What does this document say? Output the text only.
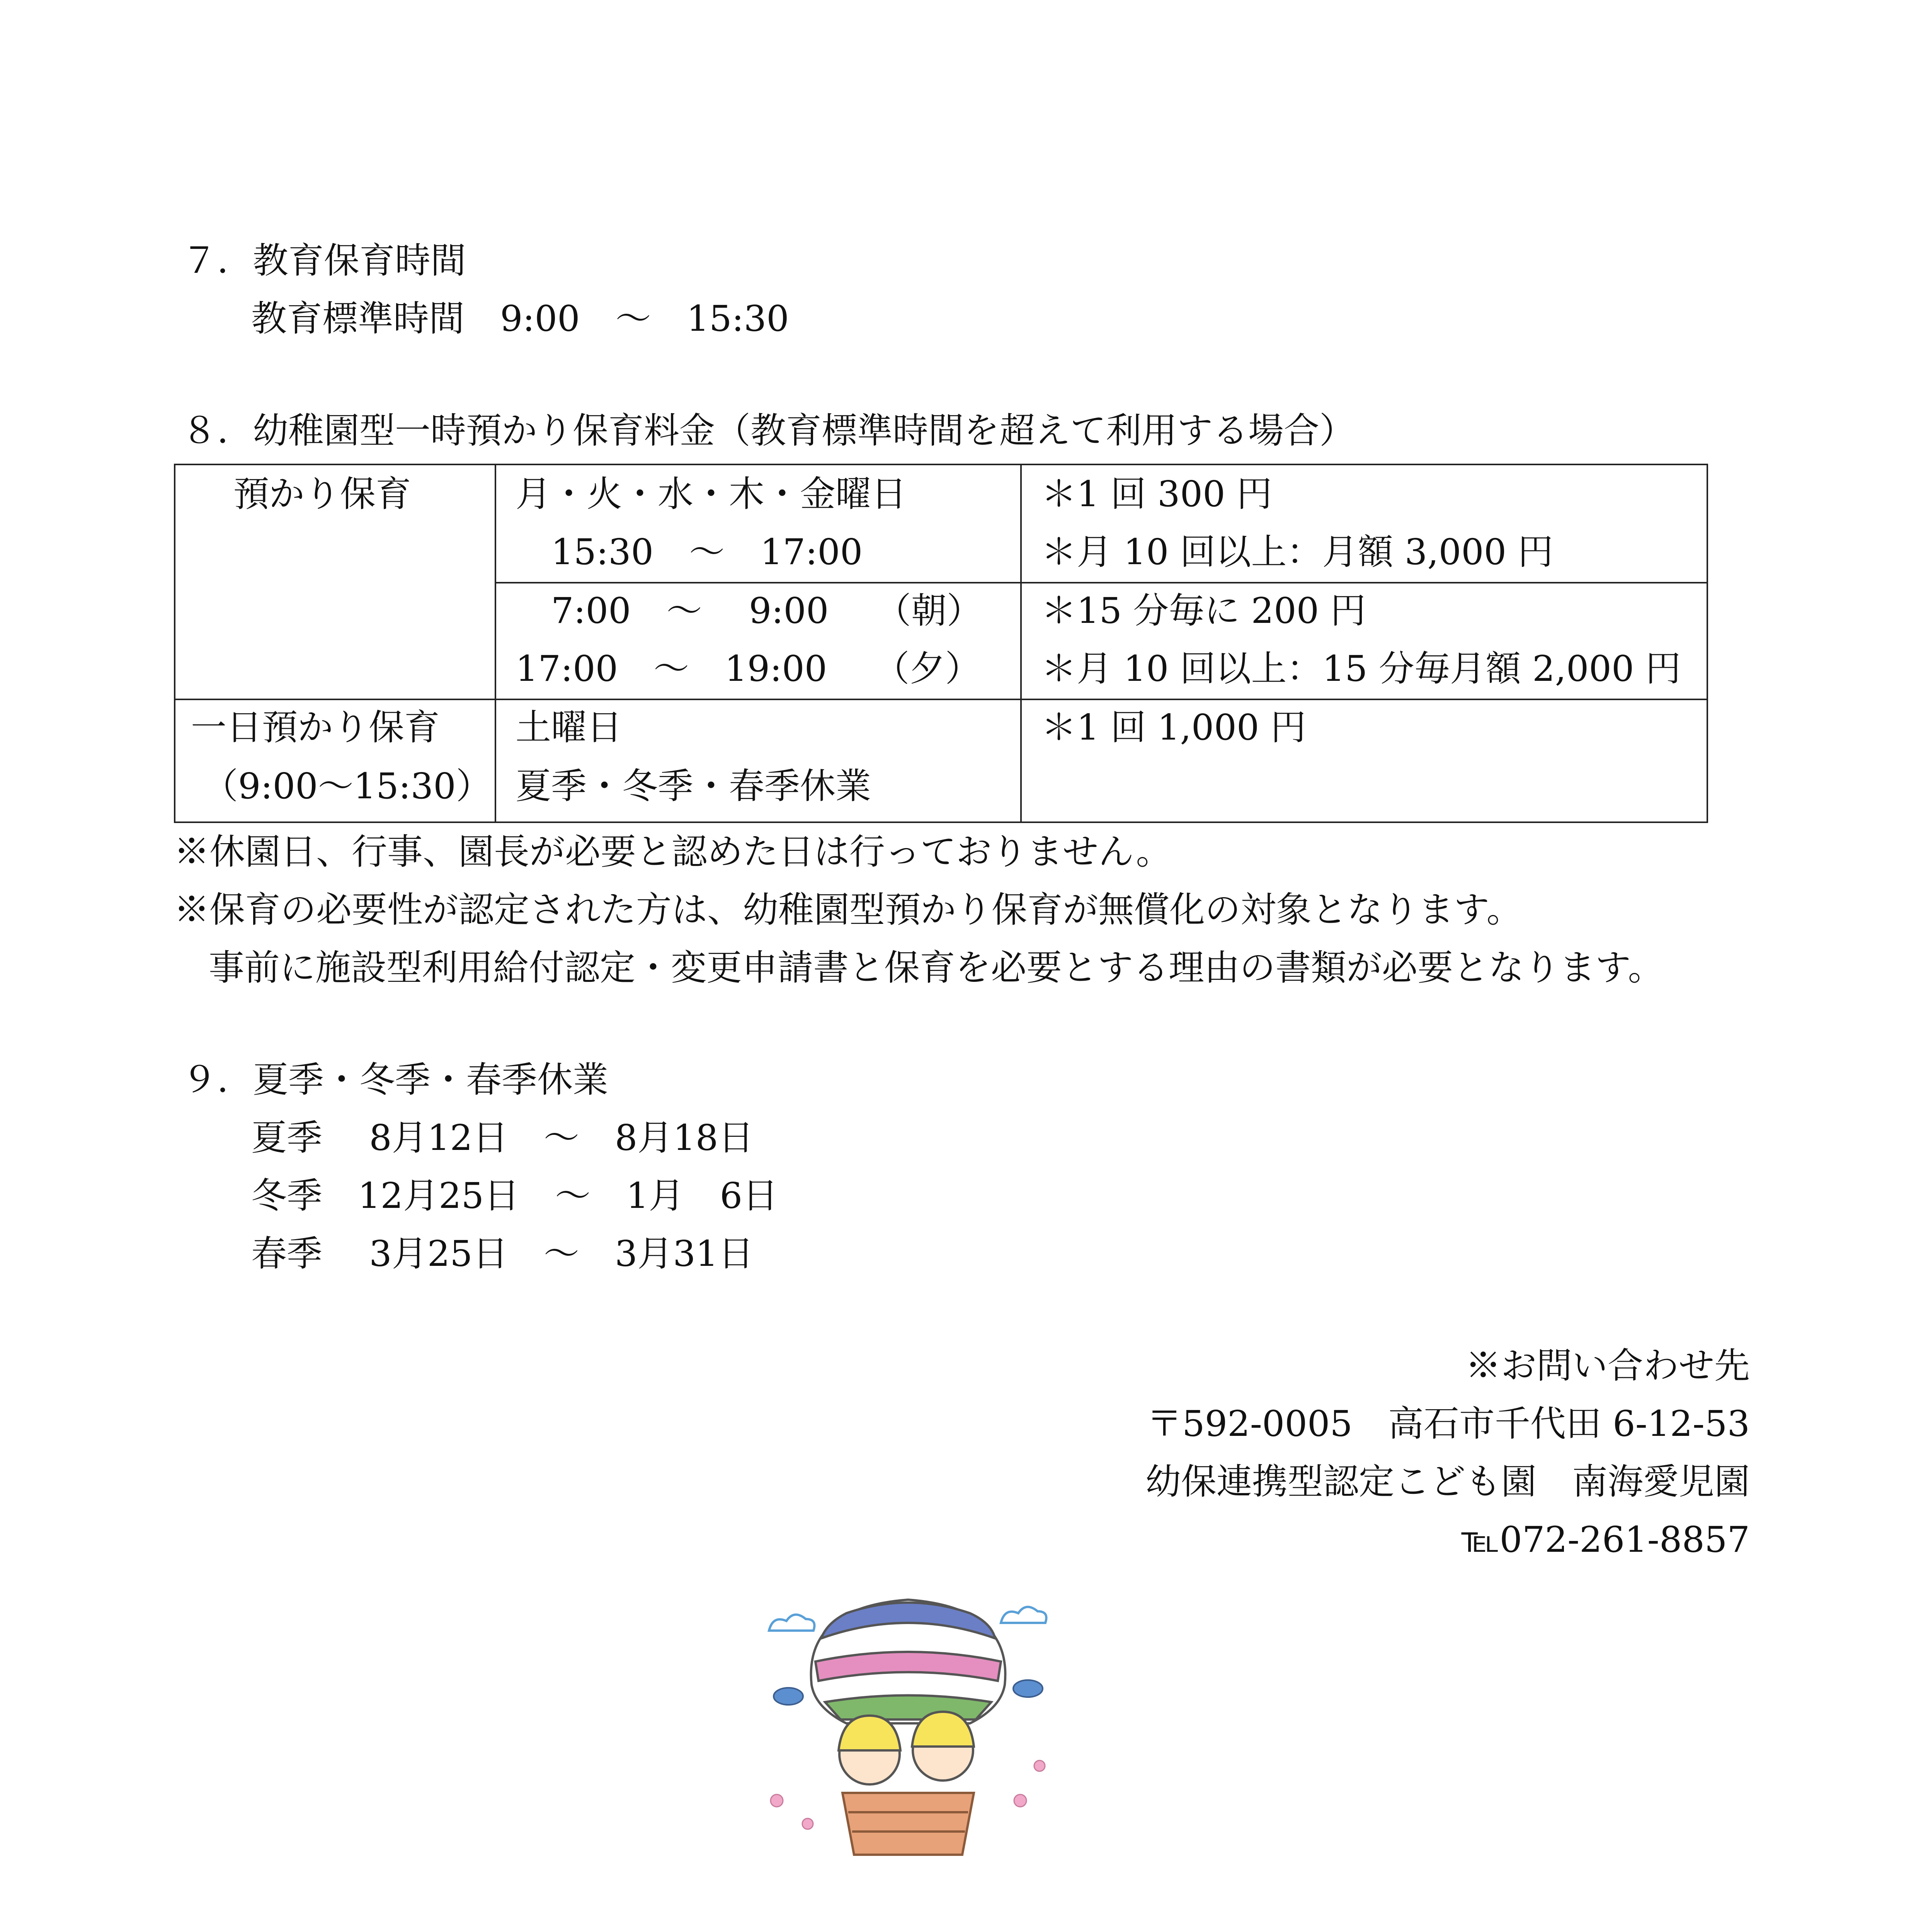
７．教育保育時間
教育標準時間　9:00　～　15:30
８．幼稚園型一時預かり保育料金（教育標準時間を超えて利用する場合）
預かり保育	月・火・水・木・金曜日
　15:30　～　17:00
＊1 回 300 円
＊月 10 回以上：月額 3,000 円
　7:00　～　 9:00　 （朝）
17:00　～　19:00　 （夕）
＊15 分毎に 200 円
＊月 10 回以上：15 分毎月額 2,000 円
一日預かり保育
（9:00～15:30）
土曜日
夏季・冬季・春季休業
＊1 回 1,000 円
※休園日、行事、園長が必要と認めた日は行っておりません。
※保育の必要性が認定された方は、幼稚園型預かり保育が無償化の対象となります。
事前に施設型利用給付認定・変更申請書と保育を必要とする理由の書類が必要となります。
９．夏季・冬季・春季休業
夏季　 8月12日　～　8月18日
冬季　12月25日　～　1月　6日
春季　 3月25日　～　3月31日
※お問い合わせ先
〒592-0005　高石市千代田 6-12-53
幼保連携型認定こども園　南海愛児園
℡072-261-8857
